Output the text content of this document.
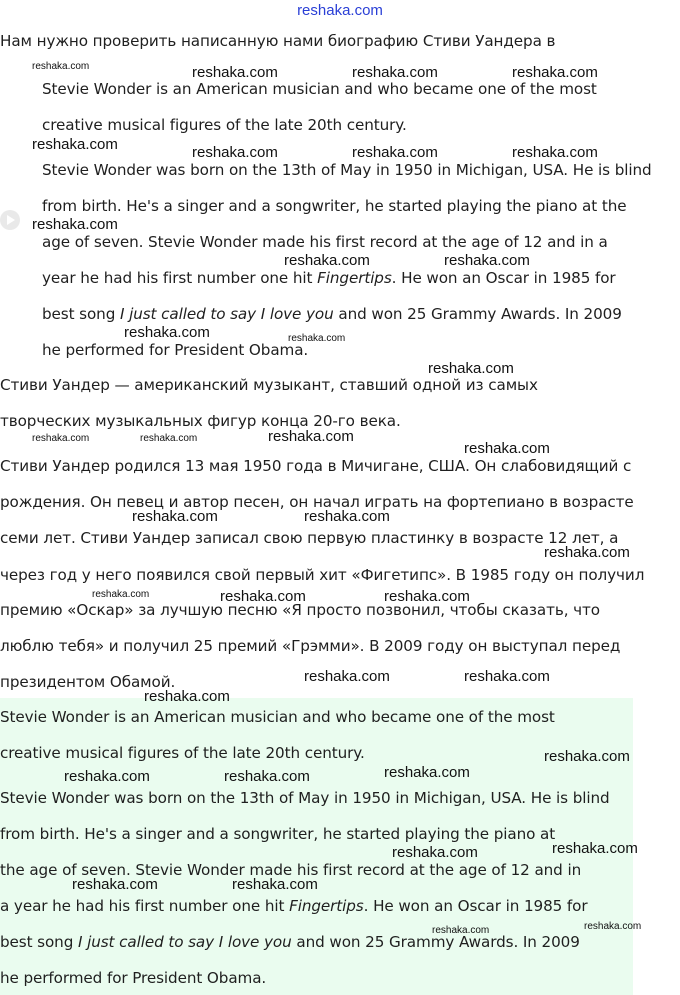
reshaka.com
Нам нужно проверить написанную нами биографию Стиви Уандера в
Stevie Wonder is an American musician and who became one of the most
creative musical figures of the late 20th century.
Stevie Wonder was born on the 13th of May in 1950 in Michigan, USA. He is blind
from birth. He's a singer and a songwriter, he started playing the piano at the
age of seven. Stevie Wonder made his first record at the age of 12 and in a
year he had his first number one hit Fingertips. He won an Oscar in 1985 for
best song I just called to say I love you and won 25 Grammy Awards. In 2009
he performed for President Obama.
Стиви Уандер — американский музыкант, ставший одной из самых
творческих музыкальных фигур конца 20-го века.
Стиви Уандер родился 13 мая 1950 года в Мичигане, США. Он слабовидящий с
рождения. Он певец и автор песен, он начал играть на фортепиано в возрасте
семи лет. Стиви Уандер записал свою первую пластинку в возрасте 12 лет, а
через год у него появился свой первый хит «Фигетипс». В 1985 году он получил
премию «Оскар» за лучшую песню «Я просто позвонил, чтобы сказать, что
люблю тебя» и получил 25 премий «Грэмми». В 2009 году он выступал перед
президентом Обамой.
Stevie Wonder is an American musician and who became one of the most
creative musical figures of the late 20th century.
Stevie Wonder was born on the 13th of May in 1950 in Michigan, USA. He is blind
from birth. He's a singer and a songwriter, he started playing the piano at
the age of seven. Stevie Wonder made his first record at the age of 12 and in
a year he had his first number one hit Fingertips. He won an Oscar in 1985 for
best song I just called to say I love you and won 25 Grammy Awards. In 2009
he performed for President Obama.
reshaka.com	reshaka.com	reshaka.com	reshaka.com
reshaka.com	reshaka.com	reshaka.com	reshaka.com
reshaka.com
reshaka.com	reshaka.com
reshaka.com	reshaka.com
reshaka.com
reshaka.com	reshaka.com	reshaka.com
reshaka.com
reshaka.com	reshaka.com
reshaka.com
reshaka.com	reshaka.com	reshaka.com
reshaka.com	reshaka.com
reshaka.com
reshaka.com
reshaka.com	reshaka.com	reshaka.com
reshaka.com
reshaka.com
reshaka.com	reshaka.com
reshaka.com	reshaka.com
